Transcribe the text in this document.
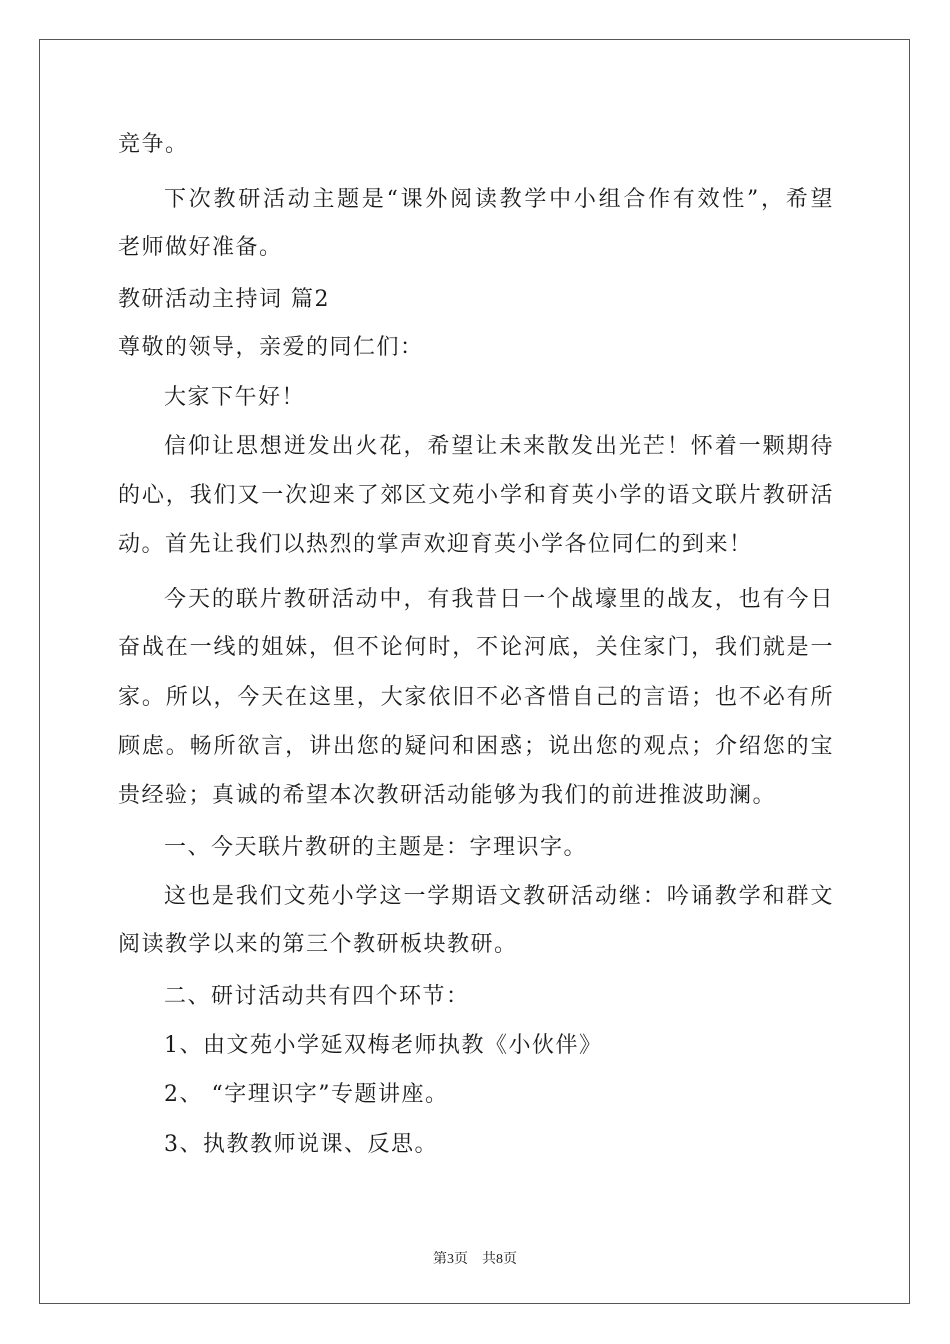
竞争。
下次教研活动主题是“课外阅读教学中小组合作有效性”，希望
老师做好准备。
教研活动主持词 篇2
尊敬的领导，亲爱的同仁们：
大家下午好！
信仰让思想迸发出火花，希望让未来散发出光芒！怀着一颗期待
的心，我们又一次迎来了郊区文苑小学和育英小学的语文联片教研活
动。首先让我们以热烈的掌声欢迎育英小学各位同仁的到来！
今天的联片教研活动中，有我昔日一个战壕里的战友，也有今日
奋战在一线的姐妹，但不论何时，不论河底，关住家门，我们就是一
家。所以，今天在这里，大家依旧不必吝惜自己的言语；也不必有所
顾虑。畅所欲言，讲出您的疑问和困惑；说出您的观点；介绍您的宝
贵经验；真诚的希望本次教研活动能够为我们的前进推波助澜。
一、今天联片教研的主题是：字理识字。
这也是我们文苑小学这一学期语文教研活动继：吟诵教学和群文
阅读教学以来的第三个教研板块教研。
二、研讨活动共有四个环节：
1、由文苑小学延双梅老师执教《小伙伴》
2、 “字理识字”专题讲座。
3、执教教师说课、反思。
第3页　共8页
